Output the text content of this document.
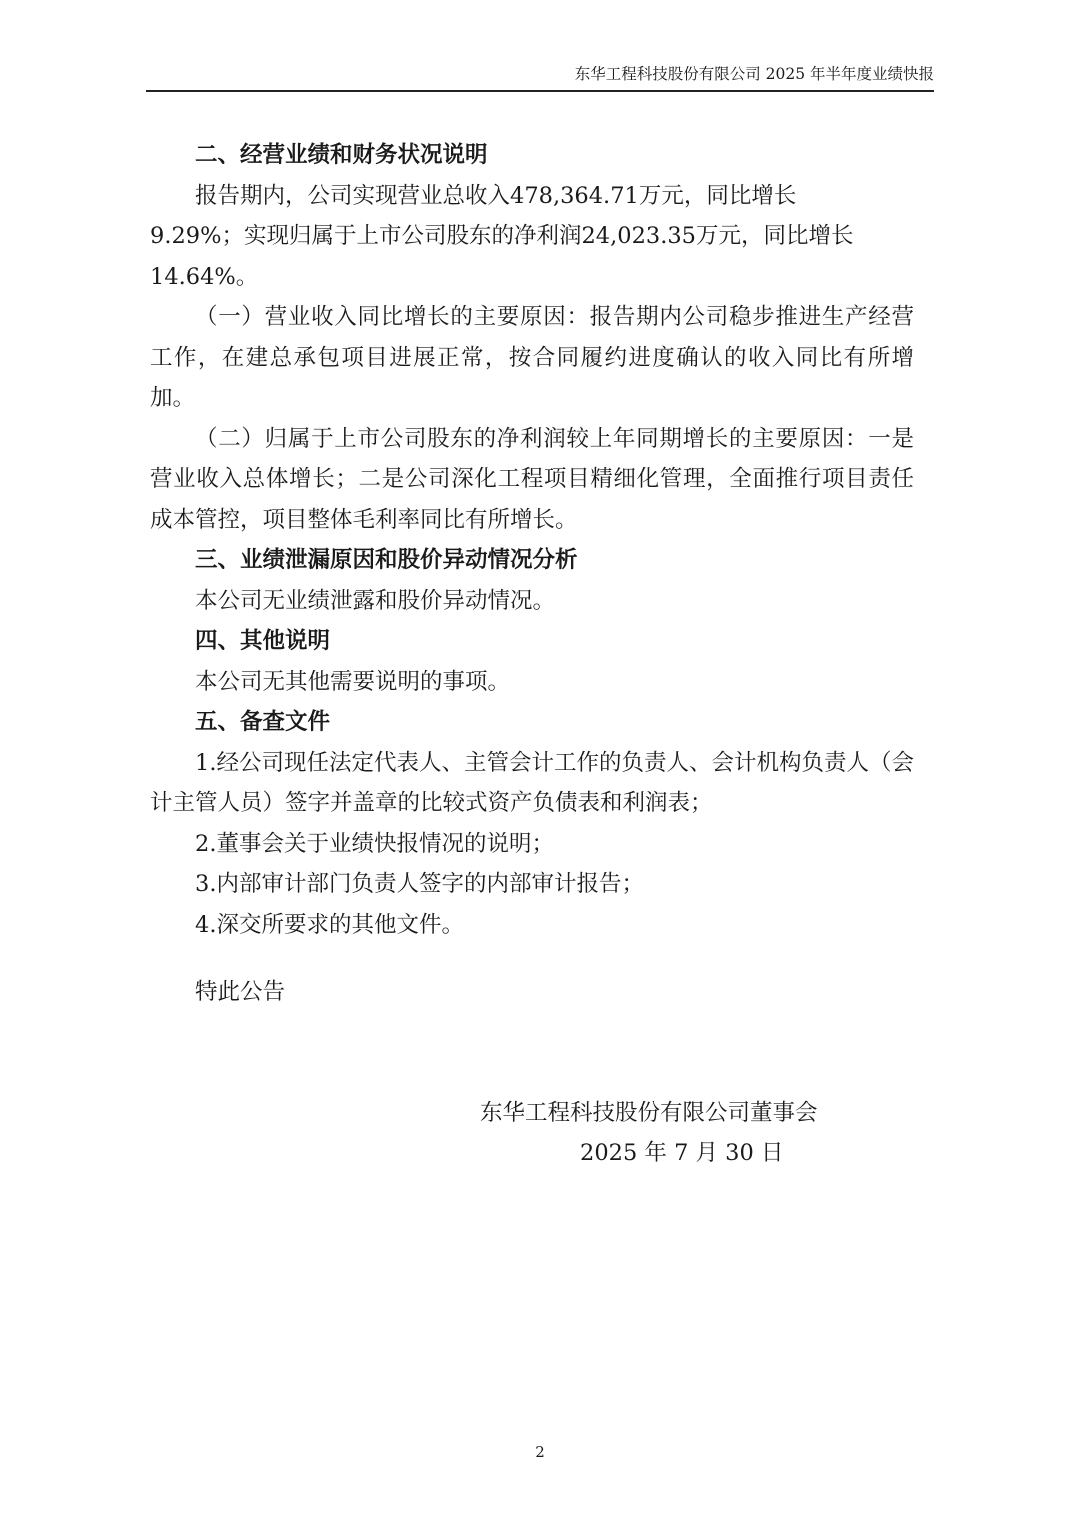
东华工程科技股份有限公司 2025 年半年度业绩快报

二、经营业绩和财务状况说明

报告期内，公司实现营业总收入478,364.71万元，同比增长

9.29%；实现归属于上市公司股东的净利润24,023.35万元，同比增长

14.64%。

（一）营业收入同比增长的主要原因：报告期内公司稳步推进生产经营工作，在建总承包项目进展正常，按合同履约进度确认的收入同比有所增加。

（二）归属于上市公司股东的净利润较上年同期增长的主要原因：一是营业收入总体增长；二是公司深化工程项目精细化管理，全面推行项目责任成本管控，项目整体毛利率同比有所增长。

三、业绩泄漏原因和股价异动情况分析

本公司无业绩泄露和股价异动情况。

四、其他说明

本公司无其他需要说明的事项。

五、备查文件

1.经公司现任法定代表人、主管会计工作的负责人、会计机构负责人（会计主管人员）签字并盖章的比较式资产负债表和利润表；

2.董事会关于业绩快报情况的说明；

3.内部审计部门负责人签字的内部审计报告；

4.深交所要求的其他文件。

特此公告

东华工程科技股份有限公司董事会
2025 年 7 月 30 日
2
